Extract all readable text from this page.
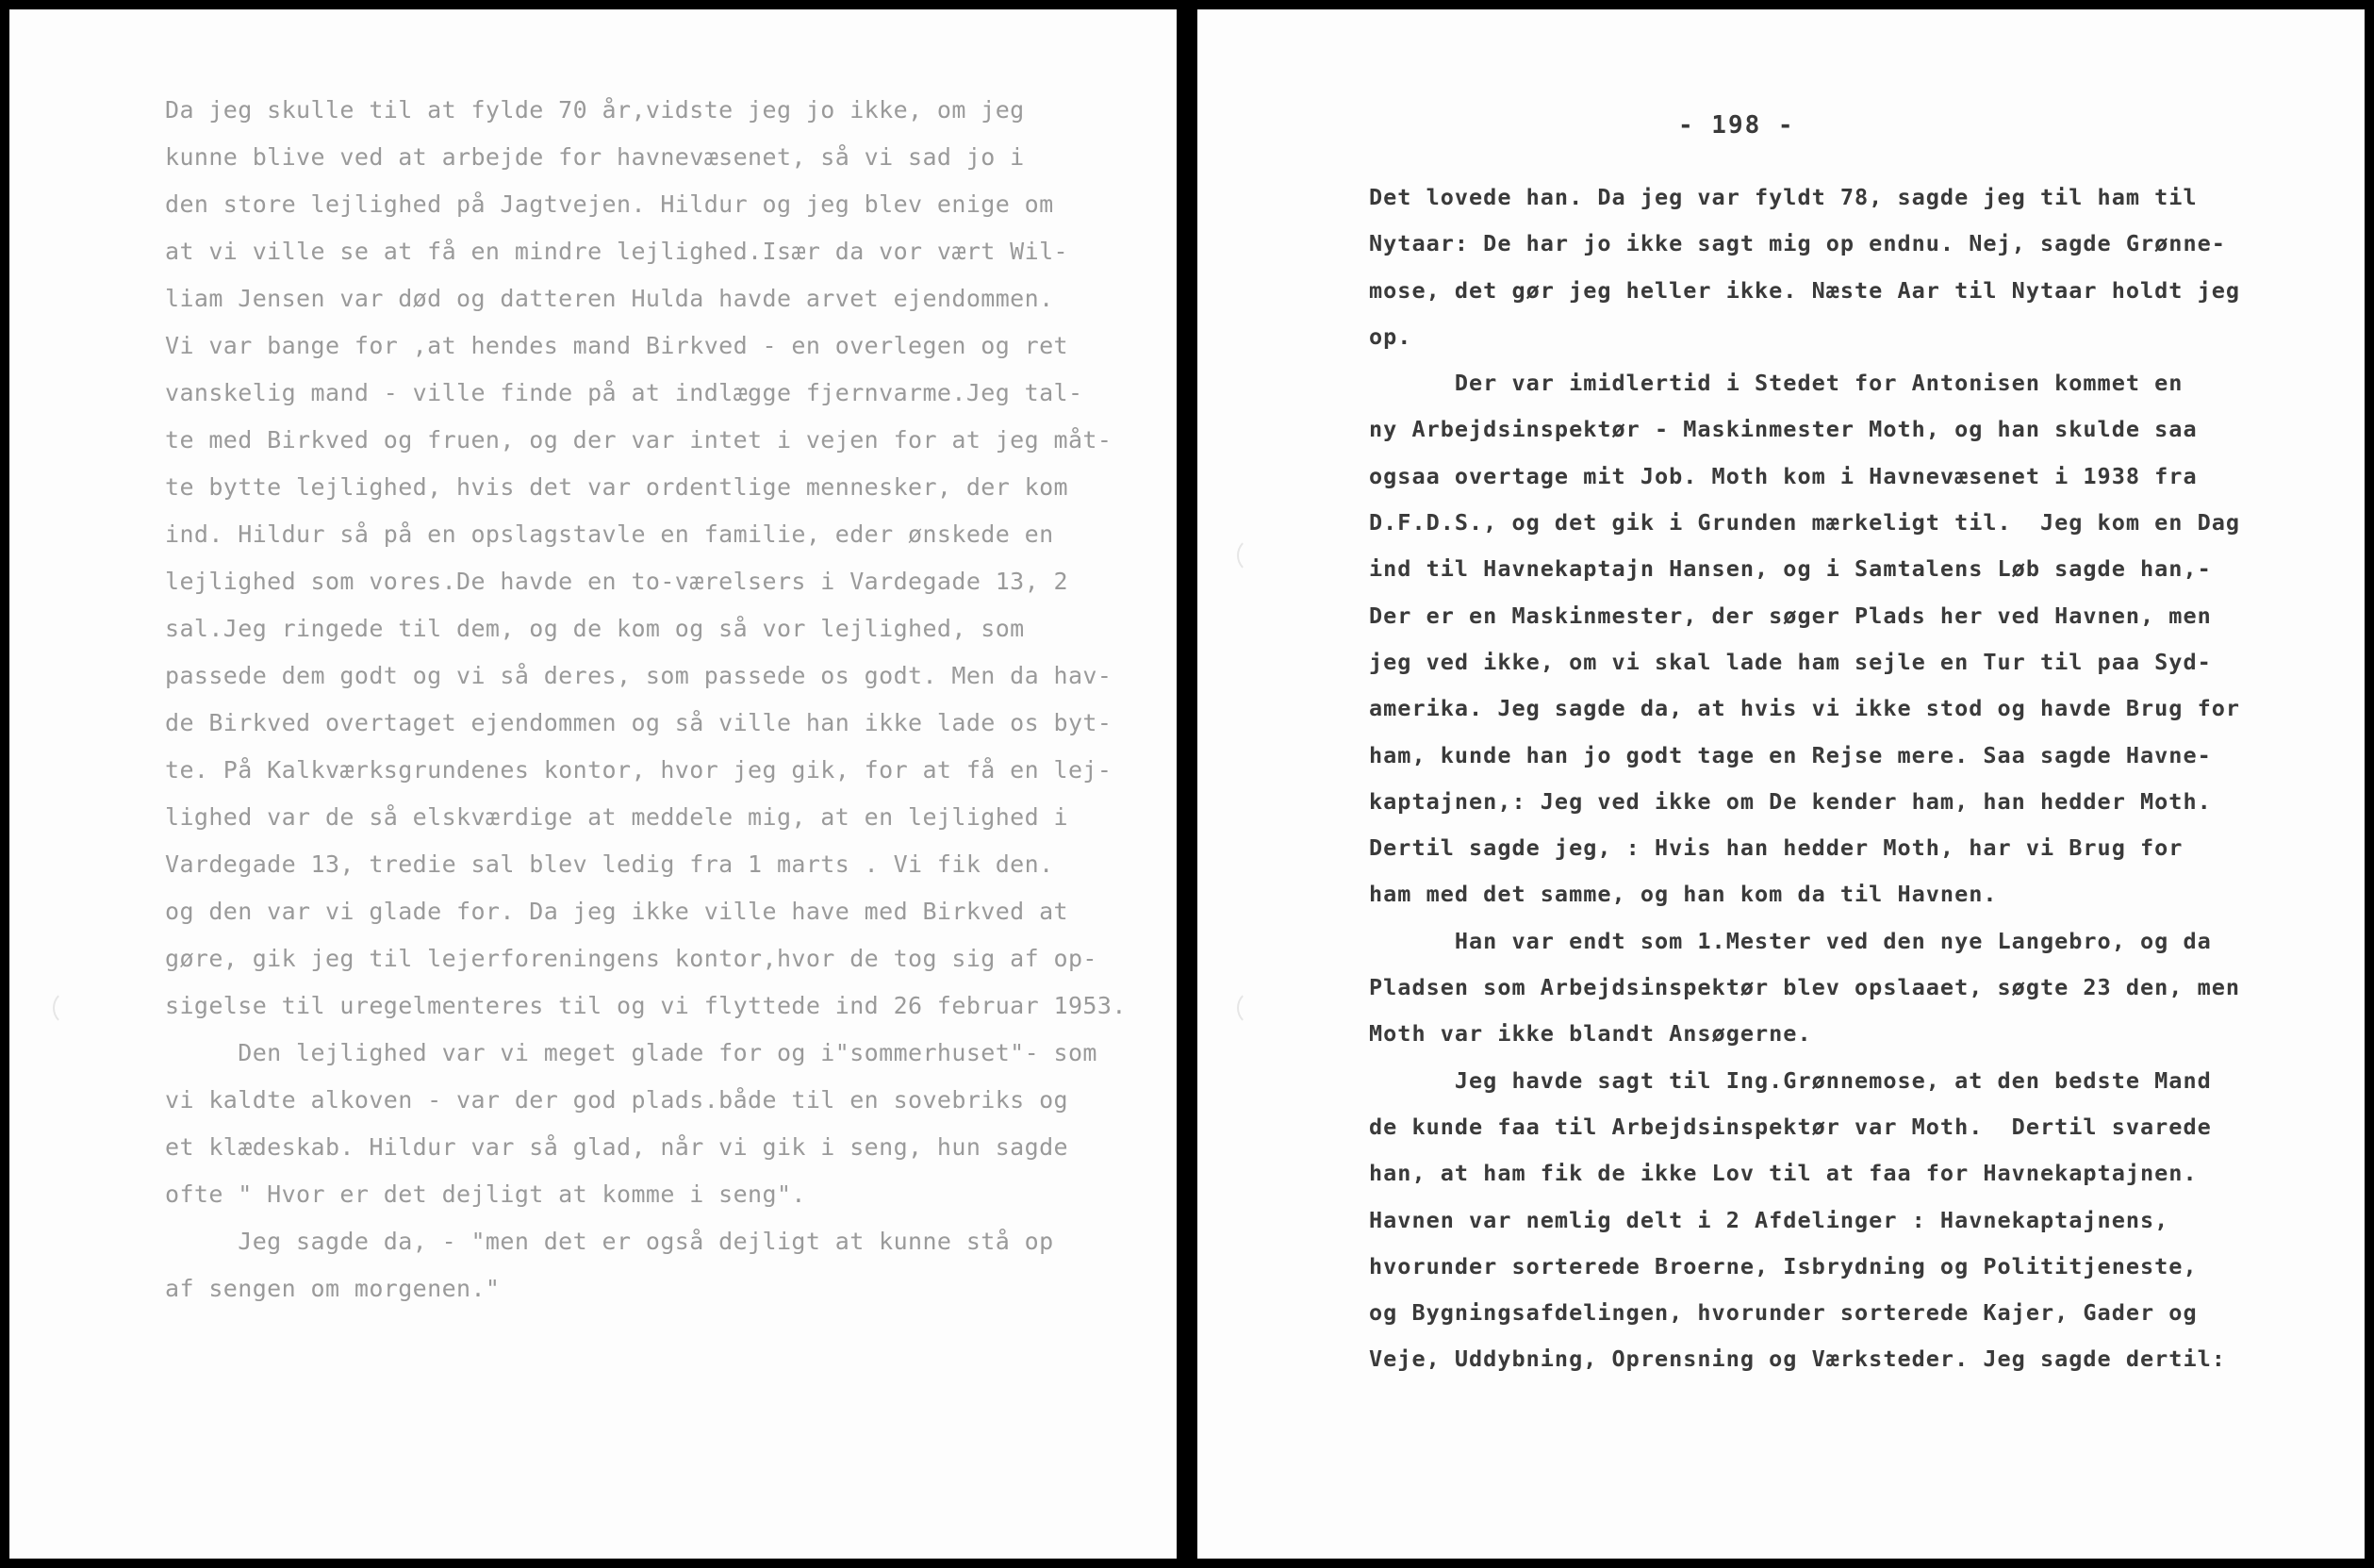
Da jeg skulle til at fylde 70 år,vidste jeg jo ikke, om jeg
kunne blive ved at arbejde for havnevæsenet, så vi sad jo i
den store lejlighed på Jagtvejen. Hildur og jeg blev enige om
at vi ville se at få en mindre lejlighed.Især da vor vært Wil-
liam Jensen var død og datteren Hulda havde arvet ejendommen.
Vi var bange for ,at hendes mand Birkved - en overlegen og ret
vanskelig mand - ville finde på at indlægge fjernvarme.Jeg tal-
te med Birkved og fruen, og der var intet i vejen for at jeg måt-
te bytte lejlighed, hvis det var ordentlige mennesker, der kom
ind. Hildur så på en opslagstavle en familie, eder ønskede en
lejlighed som vores.De havde en to-værelsers i Vardegade 13, 2
sal.Jeg ringede til dem, og de kom og så vor lejlighed, som
passede dem godt og vi så deres, som passede os godt. Men da hav-
de Birkved overtaget ejendommen og så ville han ikke lade os byt-
te. På Kalkværksgrundenes kontor, hvor jeg gik, for at få en lej-
lighed var de så elskværdige at meddele mig, at en lejlighed i
Vardegade 13, tredie sal blev ledig fra 1 marts . Vi fik den.
og den var vi glade for. Da jeg ikke ville have med Birkved at
gøre, gik jeg til lejerforeningens kontor,hvor de tog sig af op-
sigelse til uregelmenteres til og vi flyttede ind 26 februar 1953.
Den lejlighed var vi meget glade for og i"sommerhuset"- som
vi kaldte alkoven - var der god plads.både til en sovebriks og
et klædeskab. Hildur var så glad, når vi gik i seng, hun sagde
ofte " Hvor er det dejligt at komme i seng".
Jeg sagde da, - "men det er også dejligt at kunne stå op
af sengen om morgenen."
- 198 -
Det lovede han. Da jeg var fyldt 78, sagde jeg til ham til
Nytaar: De har jo ikke sagt mig op endnu. Nej, sagde Grønne-
mose, det gør jeg heller ikke. Næste Aar til Nytaar holdt jeg
op.
Der var imidlertid i Stedet for Antonisen kommet en
ny Arbejdsinspektør - Maskinmester Moth, og han skulde saa
ogsaa overtage mit Job. Moth kom i Havnevæsenet i 1938 fra
D.F.D.S., og det gik i Grunden mærkeligt til.  Jeg kom en Dag
ind til Havnekaptajn Hansen, og i Samtalens Løb sagde han,-
Der er en Maskinmester, der søger Plads her ved Havnen, men
jeg ved ikke, om vi skal lade ham sejle en Tur til paa Syd-
amerika. Jeg sagde da, at hvis vi ikke stod og havde Brug for
ham, kunde han jo godt tage en Rejse mere. Saa sagde Havne-
kaptajnen,: Jeg ved ikke om De kender ham, han hedder Moth.
Dertil sagde jeg, : Hvis han hedder Moth, har vi Brug for
ham med det samme, og han kom da til Havnen.
Han var endt som 1.Mester ved den nye Langebro, og da
Pladsen som Arbejdsinspektør blev opslaaet, søgte 23 den, men
Moth var ikke blandt Ansøgerne.
Jeg havde sagt til Ing.Grønnemose, at den bedste Mand
de kunde faa til Arbejdsinspektør var Moth.  Dertil svarede
han, at ham fik de ikke Lov til at faa for Havnekaptajnen.
Havnen var nemlig delt i 2 Afdelinger : Havnekaptajnens,
hvorunder sorterede Broerne, Isbrydning og Polititjeneste,
og Bygningsafdelingen, hvorunder sorterede Kajer, Gader og
Veje, Uddybning, Oprensning og Værksteder. Jeg sagde dertil:
